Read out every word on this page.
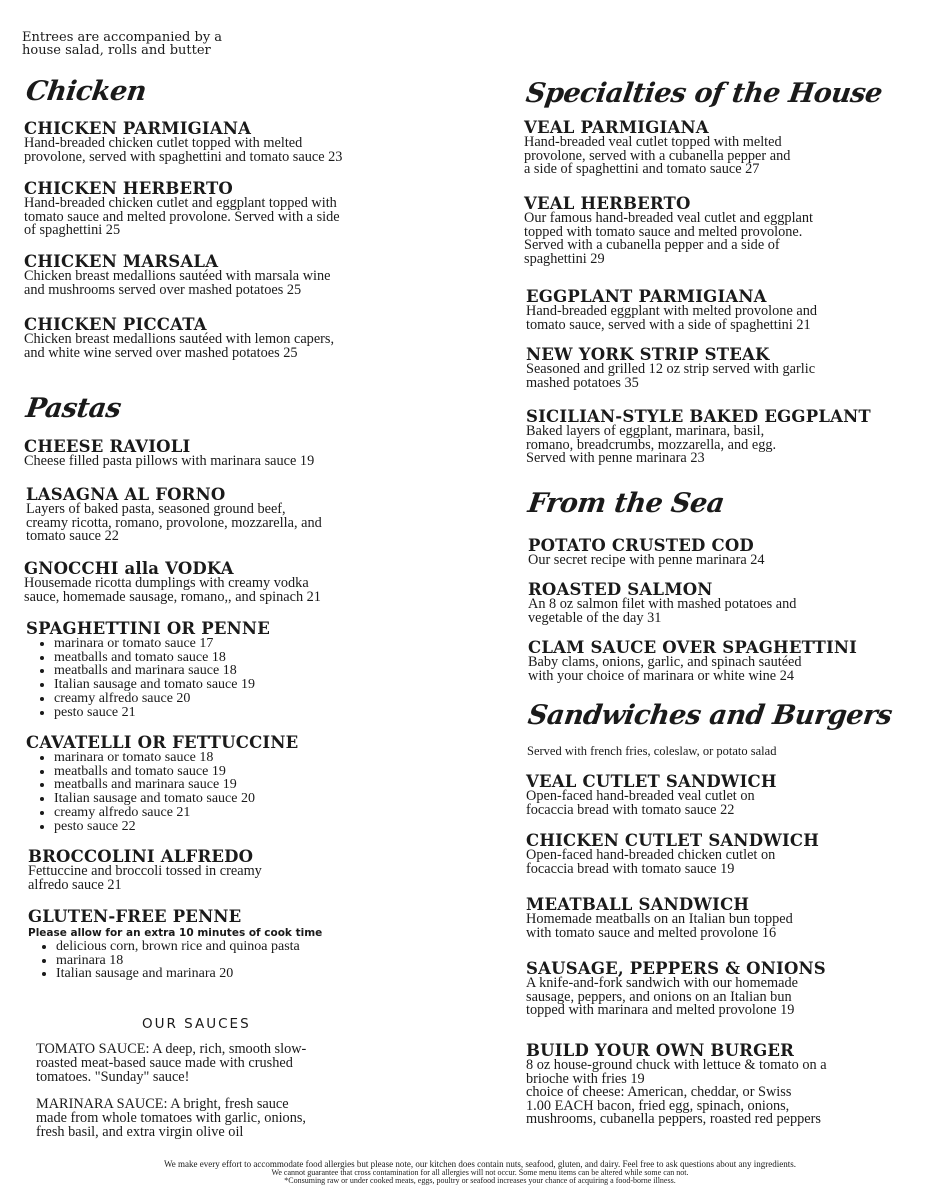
Entrees are accompanied by a
house salad, rolls and butter

Chicken
CHICKEN PARMIGIANA

Hand-breaded chicken cutlet topped with melted
provolone, served with spaghettini and tomato sauce 23

CHICKEN HERBERTO

Hand-breaded chicken cutlet and eggplant topped with
tomato sauce and melted provolone. Served with a side
of spaghettini 25

CHICKEN MARSALA

Chicken breast medallions sautéed with marsala wine
and mushrooms served over mashed potatoes 25

CHICKEN PICCATA

Chicken breast medallions sautéed with lemon capers,
and white wine served over mashed potatoes 25

Pastas
CHEESE RAVIOLI

Cheese filled pasta pillows with marinara sauce 19

LASAGNA AL FORNO

Layers of baked pasta, seasoned ground beef,
creamy ricotta, romano, provolone, mozzarella, and
tomato sauce 22

GNOCCHI alla VODKA

Housemade ricotta dumplings with creamy vodka
sauce, homemade sausage, romano,, and spinach 21

SPAGHETTINI OR PENNE
• marinara or tomato sauce 17
• meatballs and tomato sauce 18
• meatballs and marinara sauce 18
• Italian sausage and tomato sauce 19
• creamy alfredo sauce 20
• pesto sauce 21
CAVATELLI OR FETTUCCINE
• marinara or tomato sauce 18
• meatballs and tomato sauce 19
• meatballs and marinara sauce 19
• Italian sausage and tomato sauce 20
• creamy alfredo sauce 21
• pesto sauce 22
BROCCOLINI ALFREDO

Fettuccine and broccoli tossed in creamy
alfredo sauce 21

GLUTEN-FREE PENNE

Please allow for an extra 10 minutes of cook time

• delicious corn, brown rice and quinoa pasta
• marinara 18
• Italian sausage and marinara 20

OUR SAUCES

TOMATO SAUCE: A deep, rich, smooth slow-
roasted meat-based sauce made with crushed
tomatoes. "Sunday" sauce!

MARINARA SAUCE: A bright, fresh sauce
made from whole tomatoes with garlic, onions,
fresh basil, and extra virgin olive oil

Specialties of the House
VEAL PARMIGIANA

Hand-breaded veal cutlet topped with melted
provolone, served with a cubanella pepper and
a side of spaghettini and tomato sauce 27

VEAL HERBERTO

Our famous hand-breaded veal cutlet and eggplant
topped with tomato sauce and melted provolone.
Served with a cubanella pepper and a side of
spaghettini 29

EGGPLANT PARMIGIANA

Hand-breaded eggplant with melted provolone and
tomato sauce, served with a side of spaghettini 21

NEW YORK STRIP STEAK

Seasoned and grilled 12 oz strip served with garlic
mashed potatoes 35

SICILIAN-STYLE BAKED EGGPLANT

Baked layers of eggplant, marinara, basil,
romano, breadcrumbs, mozzarella, and egg.
Served with penne marinara 23

From the Sea
POTATO CRUSTED COD

Our secret recipe with penne marinara 24

ROASTED SALMON

An 8 oz salmon filet with mashed potatoes and
vegetable of the day 31

CLAM SAUCE OVER SPAGHETTINI

Baby clams, onions, garlic, and spinach sautéed
with your choice of marinara or white wine 24

Sandwiches and Burgers

Served with french fries, coleslaw, or potato salad

VEAL CUTLET SANDWICH

Open-faced hand-breaded veal cutlet on
focaccia bread with tomato sauce 22

CHICKEN CUTLET SANDWICH

Open-faced hand-breaded chicken cutlet on
focaccia bread with tomato sauce 19

MEATBALL SANDWICH

Homemade meatballs on an Italian bun topped
with tomato sauce and melted provolone 16

SAUSAGE, PEPPERS & ONIONS

A knife-and-fork sandwich with our homemade
sausage, peppers, and onions on an Italian bun
topped with marinara and melted provolone 19

BUILD YOUR OWN BURGER

8 oz house-ground chuck with lettuce & tomato on a
brioche with fries 19
choice of cheese: American, cheddar, or Swiss
1.00 EACH bacon, fried egg, spinach, onions,
mushrooms, cubanella peppers, roasted red peppers

We make every effort to accommodate food allergies but please note, our kitchen does contain nuts, seafood, gluten, and dairy. Feel free to ask questions about any ingredients.
We cannot guarantee that cross contamination for all allergies will not occur. Some menu items can be altered while some can not.
*Consuming raw or under cooked meats, eggs, poultry or seafood increases your chance of acquiring a food-borne illness.
